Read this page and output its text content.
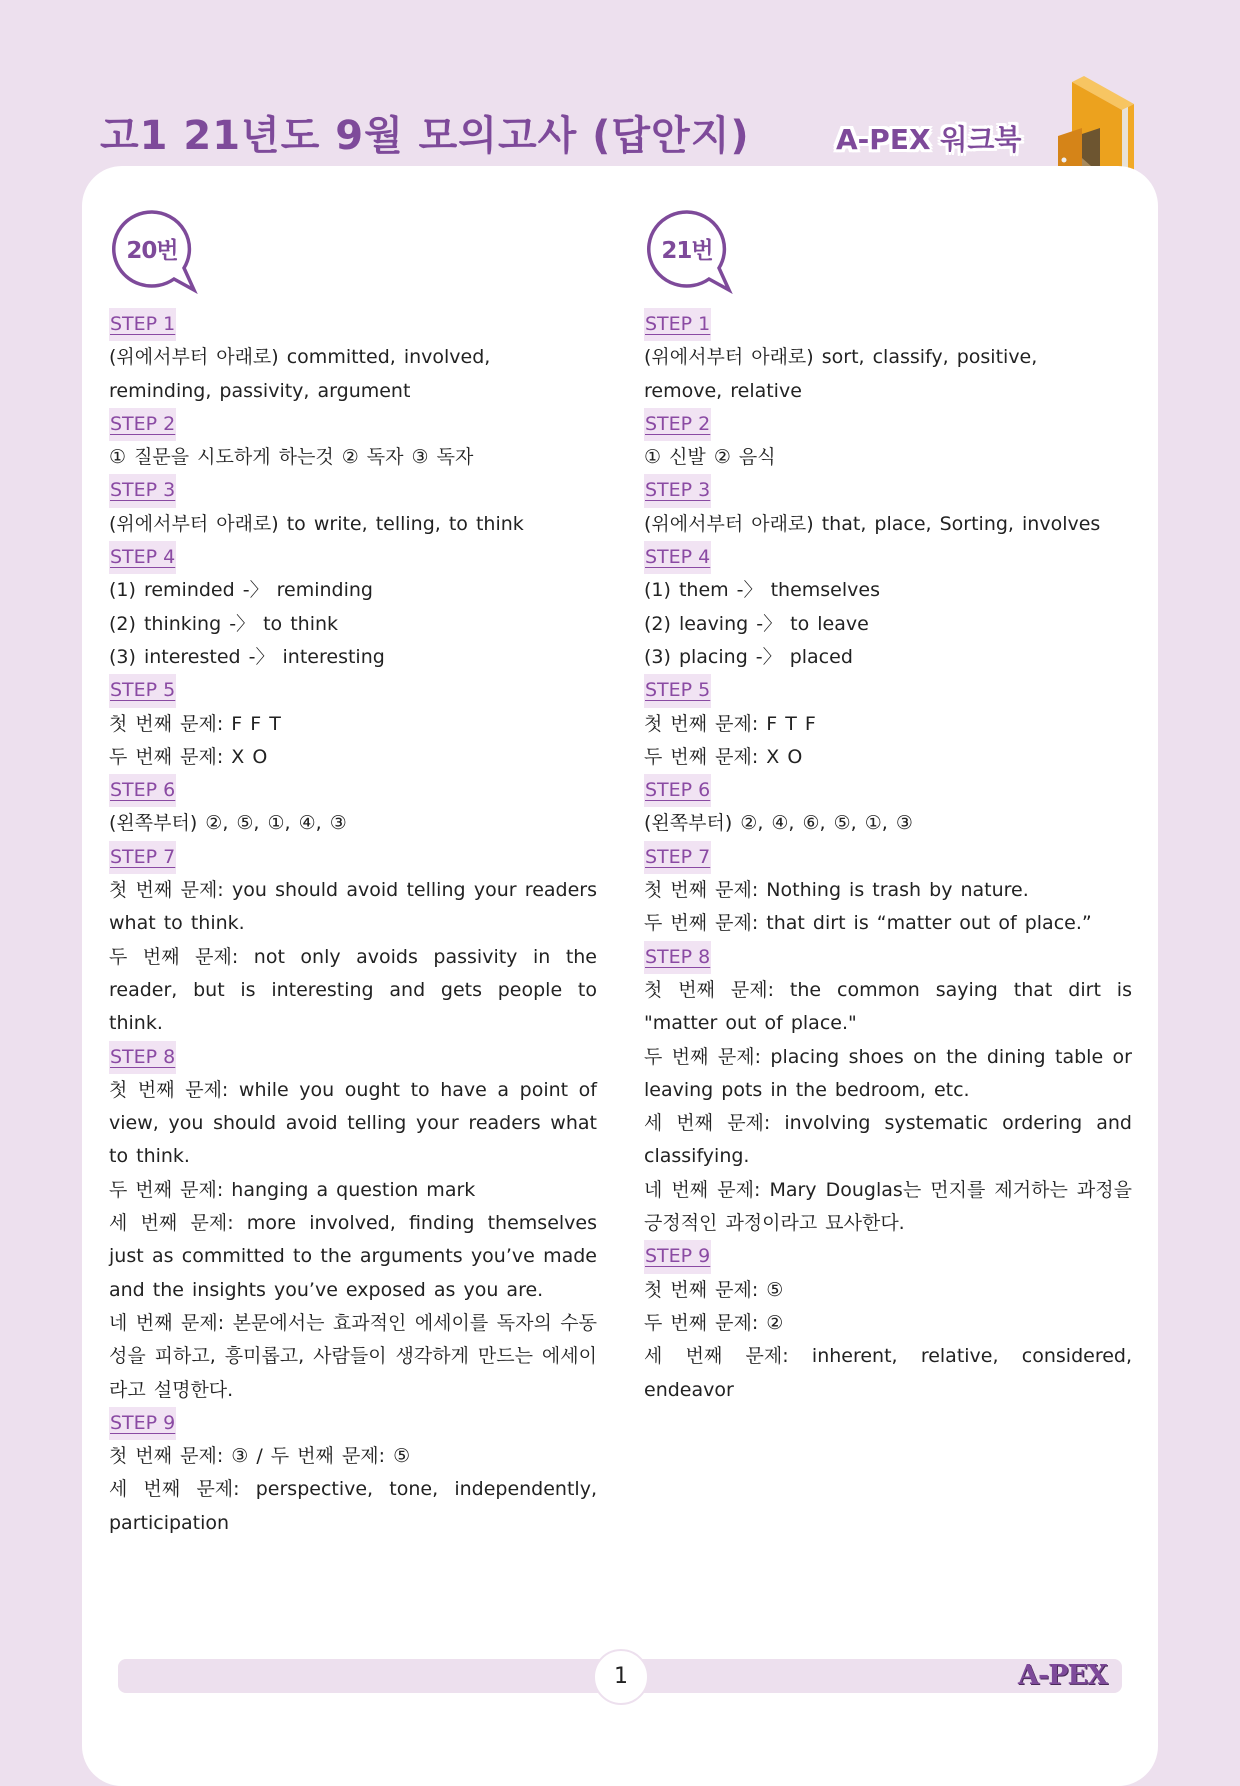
고1 21년도 9월 모의고사 (답안지)	A-PEX 워크북
20번
STEP 1
(위에서부터 아래로) committed, involved,
reminding, passivity, argument
STEP 2
① 질문을 시도하게 하는것 ② 독자 ③ 독자
STEP 3
(위에서부터 아래로) to write, telling, to think
STEP 4
(1) reminded -〉 reminding
(2) thinking -〉 to think
(3) interested -〉 interesting
STEP 5
첫 번째 문제: F F T
두 번째 문제: X O
STEP 6
(왼쪽부터) ②, ⑤, ①, ④, ③
STEP 7
첫 번째 문제: you should avoid telling your readers what to think.
두 번째 문제: not only avoids passivity in the reader, but is interesting and gets people to think.
STEP 8
첫 번째 문제: while you ought to have a point of view, you should avoid telling your readers what to think.
두 번째 문제: hanging a question mark
세 번째 문제: more involved, finding themselves just as committed to the arguments you’ve made and the insights you’ve exposed as you are.
네 번째 문제: 본문에서는 효과적인 에세이를 독자의 수동성을 피하고, 흥미롭고, 사람들이 생각하게 만드는 에세이라고 설명한다.
STEP 9
첫 번째 문제: ③ / 두 번째 문제: ⑤
세 번째 문제: perspective, tone, independently, participation
21번
STEP 1
(위에서부터 아래로) sort, classify, positive,
remove, relative
STEP 2
① 신발 ② 음식
STEP 3
(위에서부터 아래로) that, place, Sorting, involves
STEP 4
(1) them -〉 themselves
(2) leaving -〉 to leave
(3) placing -〉 placed
STEP 5
첫 번째 문제: F T F
두 번째 문제: X O
STEP 6
(왼쪽부터) ②, ④, ⑥, ⑤, ①, ③
STEP 7
첫 번째 문제: Nothing is trash by nature.
두 번째 문제: that dirt is “matter out of place.”
STEP 8
첫 번째 문제: the common saying that dirt is "matter out of place."
두 번째 문제: placing shoes on the dining table or leaving pots in the bedroom, etc.
세 번째 문제: involving systematic ordering and classifying.
네 번째 문제: Mary Douglas는 먼지를 제거하는 과정을 긍정적인 과정이라고 묘사한다.
STEP 9
첫 번째 문제: ⑤
두 번째 문제: ②
세 번째 문제: inherent, relative, considered, endeavor
1	A-PEX
